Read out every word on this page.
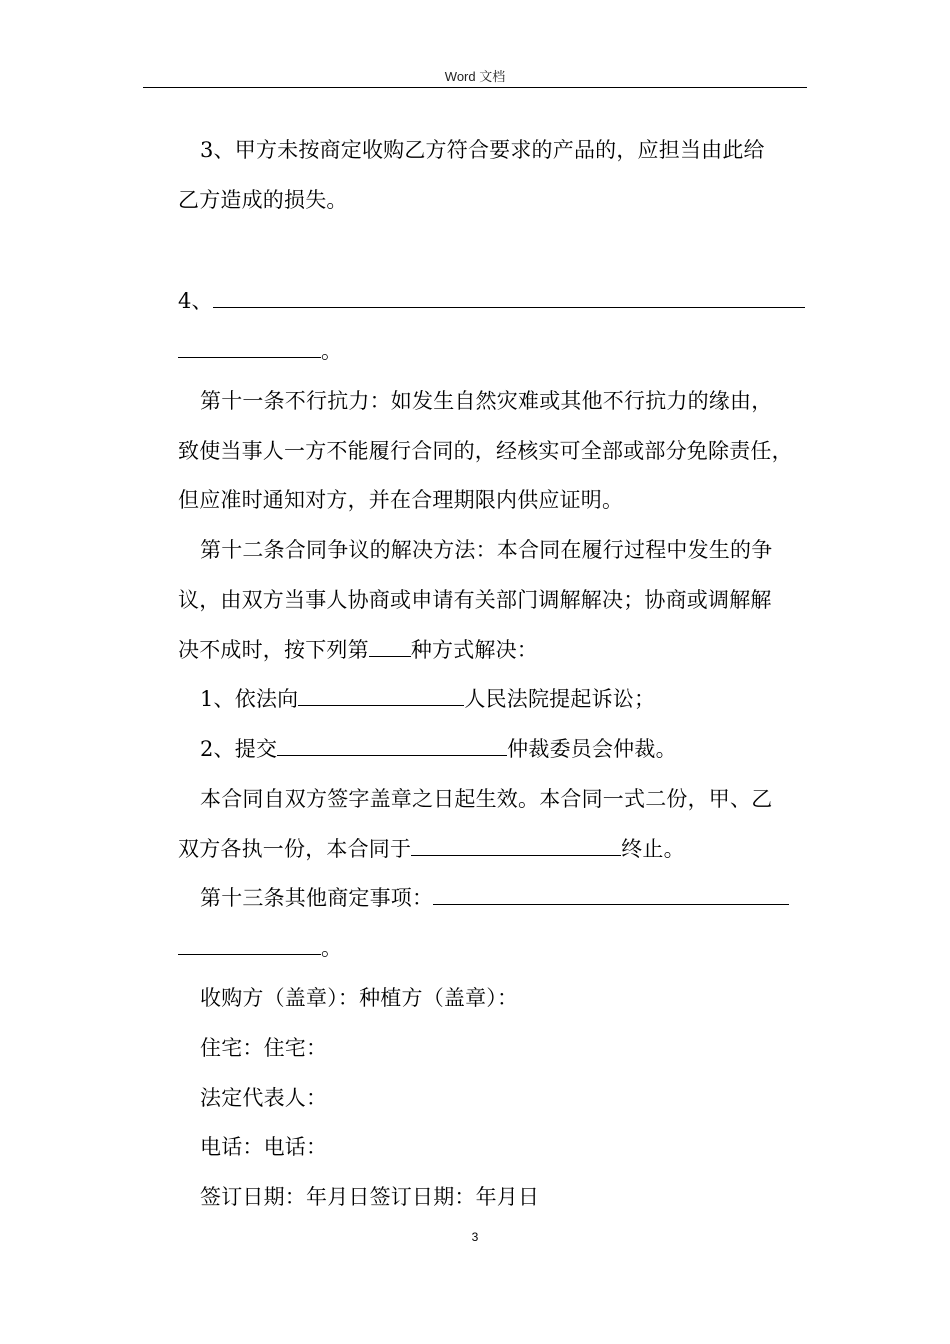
Word 文档
3、甲方未按商定收购乙方符合要求的产品的，应担当由此给
乙方造成的损失。
4、
。
第十一条不行抗力：如发生自然灾难或其他不行抗力的缘由，
致使当事人一方不能履行合同的，经核实可全部或部分免除责任，
但应准时通知对方，并在合理期限内供应证明。
第十二条合同争议的解决方法：本合同在履行过程中发生的争
议，由双方当事人协商或申请有关部门调解解决；协商或调解解
决不成时，按下列第 种方式解决：
1、依法向	人民法院提起诉讼；
2、提交	仲裁委员会仲裁。
本合同自双方签字盖章之日起生效。本合同一式二份，甲、乙
双方各执一份，本合同于	终止。
第十三条其他商定事项：
。
收购方（盖章）：种植方（盖章）：
住宅：住宅：
法定代表人：
电话：电话：
签订日期：年月日签订日期：年月日
3
